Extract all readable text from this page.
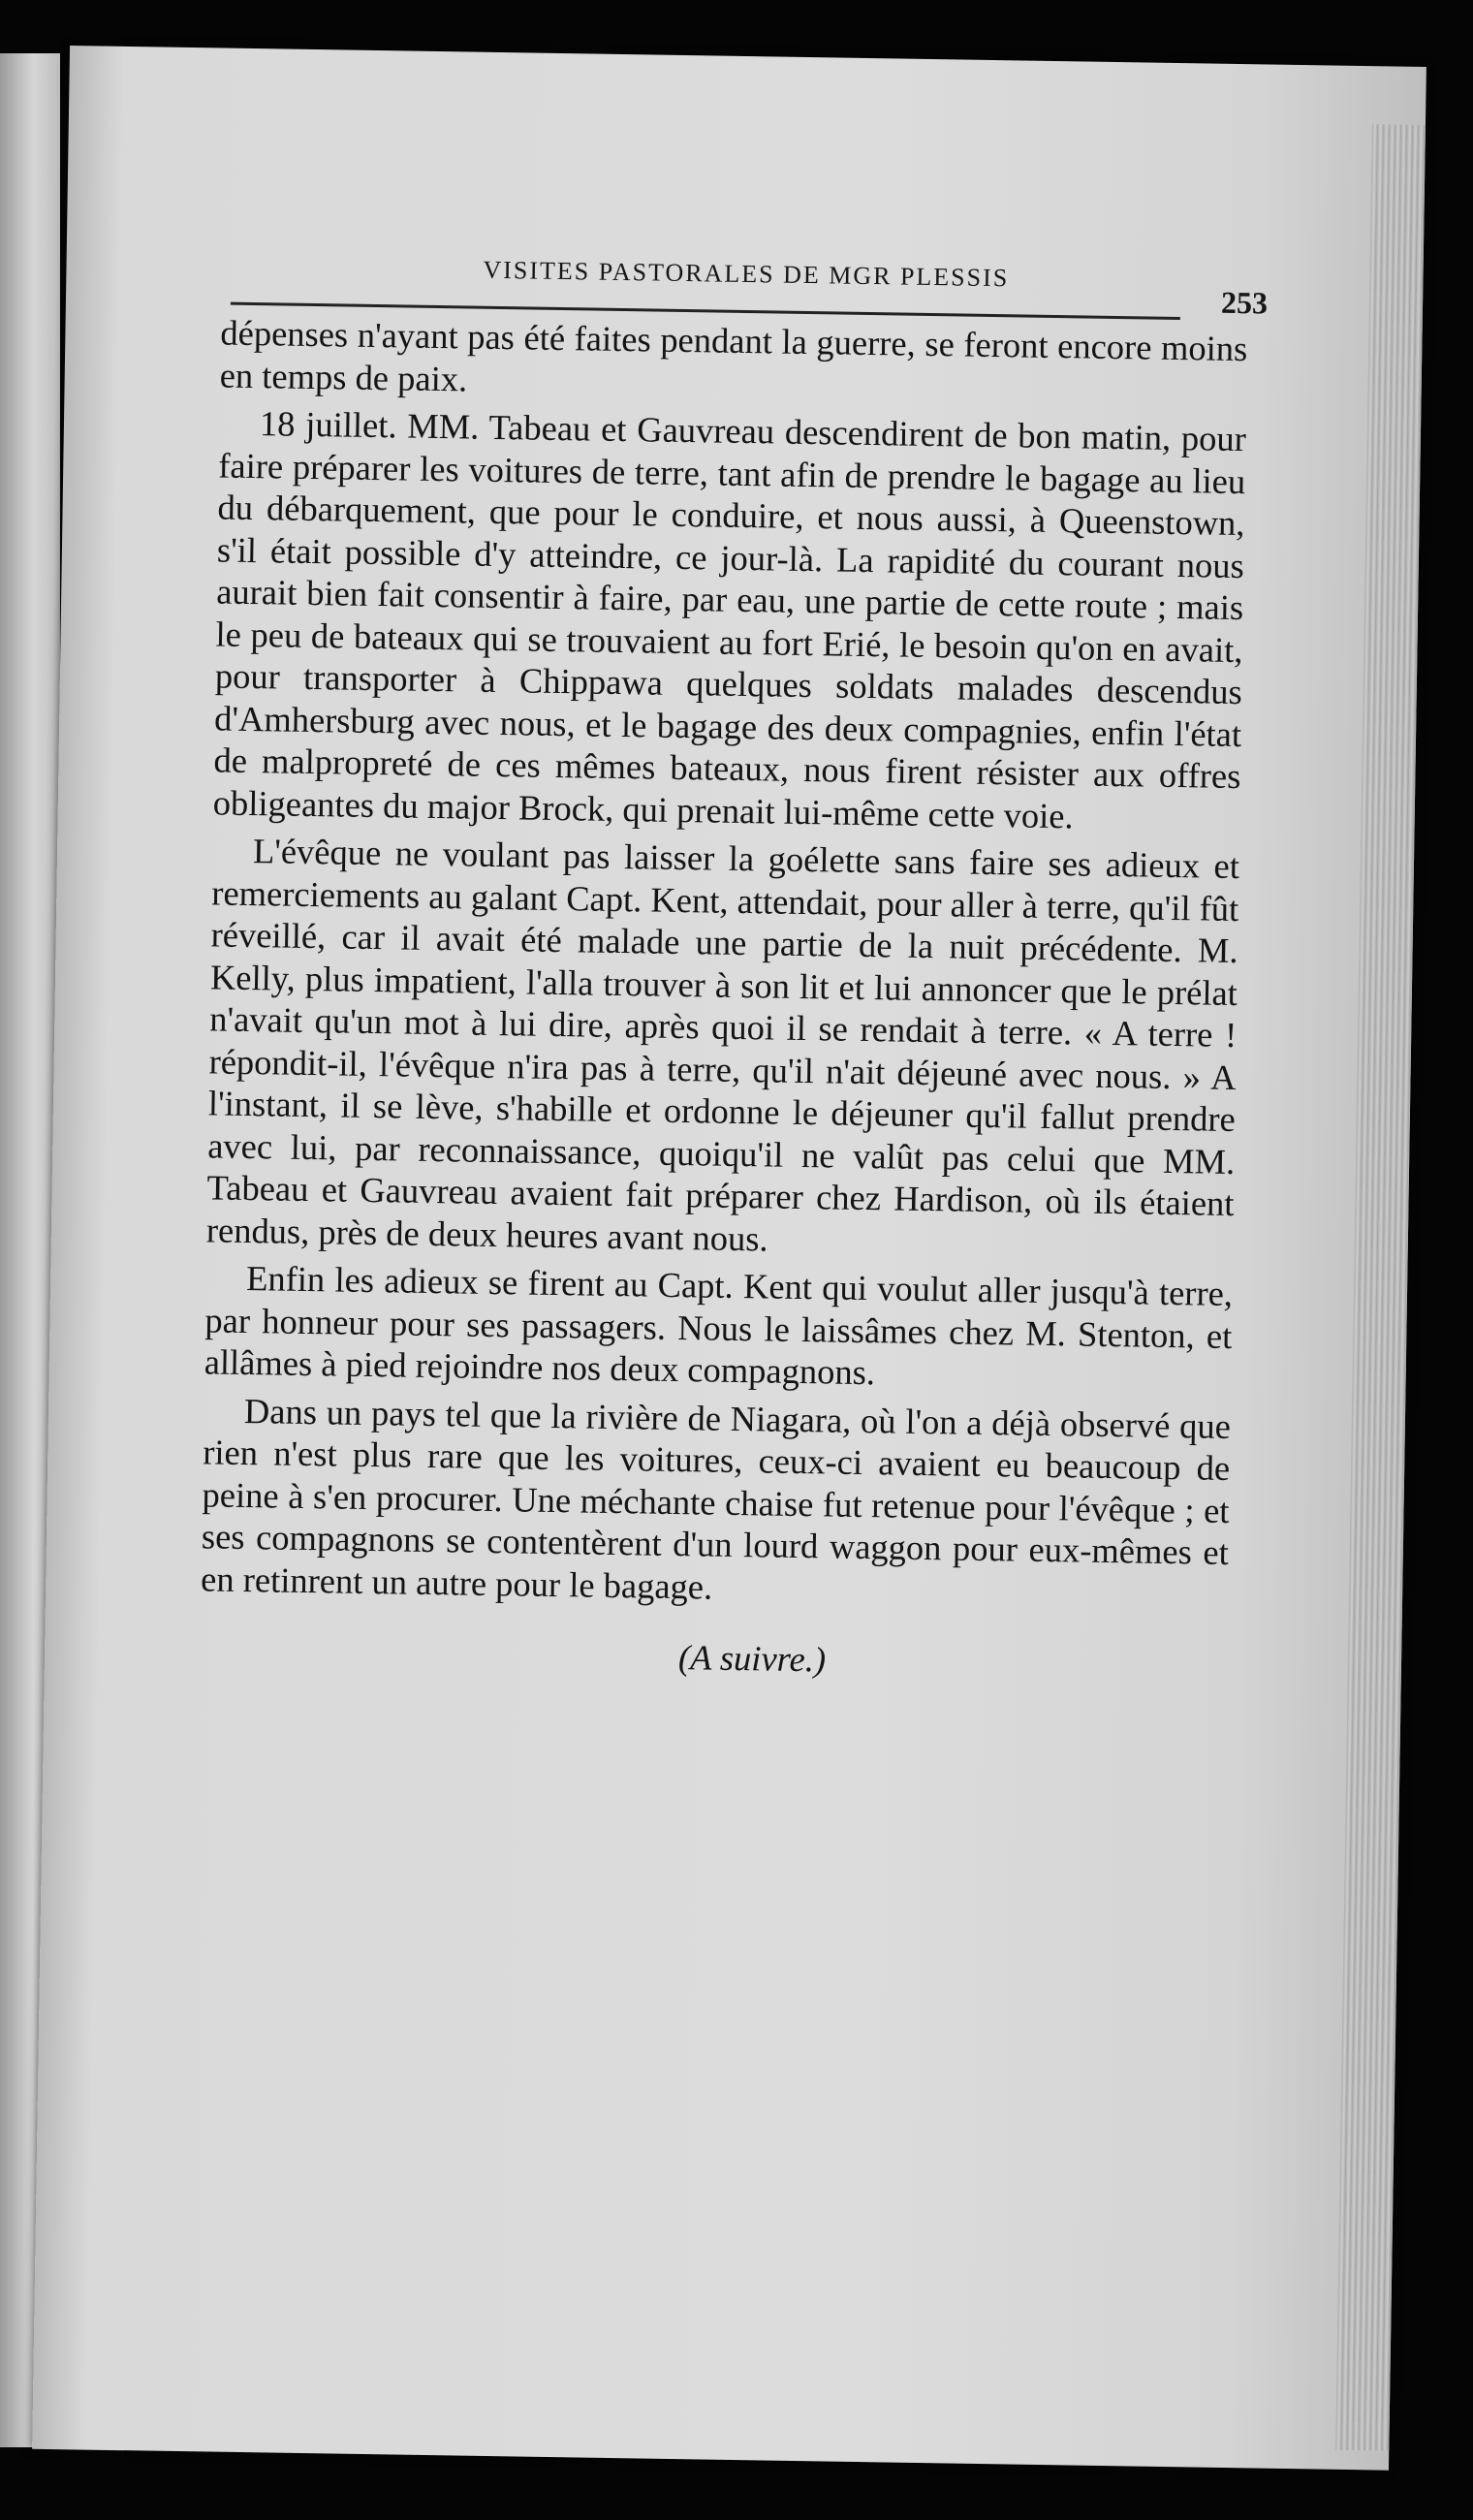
VISITES PASTORALES DE MGR PLESSIS
253

dépenses n'ayant pas été faites pendant la guerre, se feront encore moins en temps de paix.

18 juillet. MM. Tabeau et Gauvreau descendirent de bon matin, pour faire préparer les voitures de terre, tant afin de prendre le bagage au lieu du débarquement, que pour le conduire, et nous aussi, à Queenstown, s'il était possible d'y atteindre, ce jour-là. La rapidité du courant nous aurait bien fait consentir à faire, par eau, une partie de cette route ; mais le peu de bateaux qui se trouvaient au fort Erié, le besoin qu'on en avait, pour transporter à Chippawa quelques soldats malades descendus d'Amhersburg avec nous, et le bagage des deux compagnies, enfin l'état de malpropreté de ces mêmes bateaux, nous firent résister aux offres obligeantes du major Brock, qui prenait lui-même cette voie.

L'évêque ne voulant pas laisser la goélette sans faire ses adieux et remerciements au galant Capt. Kent, attendait, pour aller à terre, qu'il fût réveillé, car il avait été malade une partie de la nuit précédente. M. Kelly, plus impatient, l'alla trouver à son lit et lui annoncer que le prélat n'avait qu'un mot à lui dire, après quoi il se rendait à terre. « A terre ! répondit-il, l'évêque n'ira pas à terre, qu'il n'ait déjeuné avec nous. » A l'instant, il se lève, s'habille et ordonne le déjeuner qu'il fallut prendre avec lui, par reconnaissance, quoiqu'il ne valût pas celui que MM. Tabeau et Gauvreau avaient fait préparer chez Hardison, où ils étaient rendus, près de deux heures avant nous.

Enfin les adieux se firent au Capt. Kent qui voulut aller jusqu'à terre, par honneur pour ses passagers. Nous le laissâmes chez M. Stenton, et allâmes à pied rejoindre nos deux compagnons.

Dans un pays tel que la rivière de Niagara, où l'on a déjà observé que rien n'est plus rare que les voitures, ceux-ci avaient eu beaucoup de peine à s'en procurer. Une méchante chaise fut retenue pour l'évêque ; et ses compagnons se contentèrent d'un lourd waggon pour eux-mêmes et en retinrent un autre pour le bagage.

(A suivre.)
